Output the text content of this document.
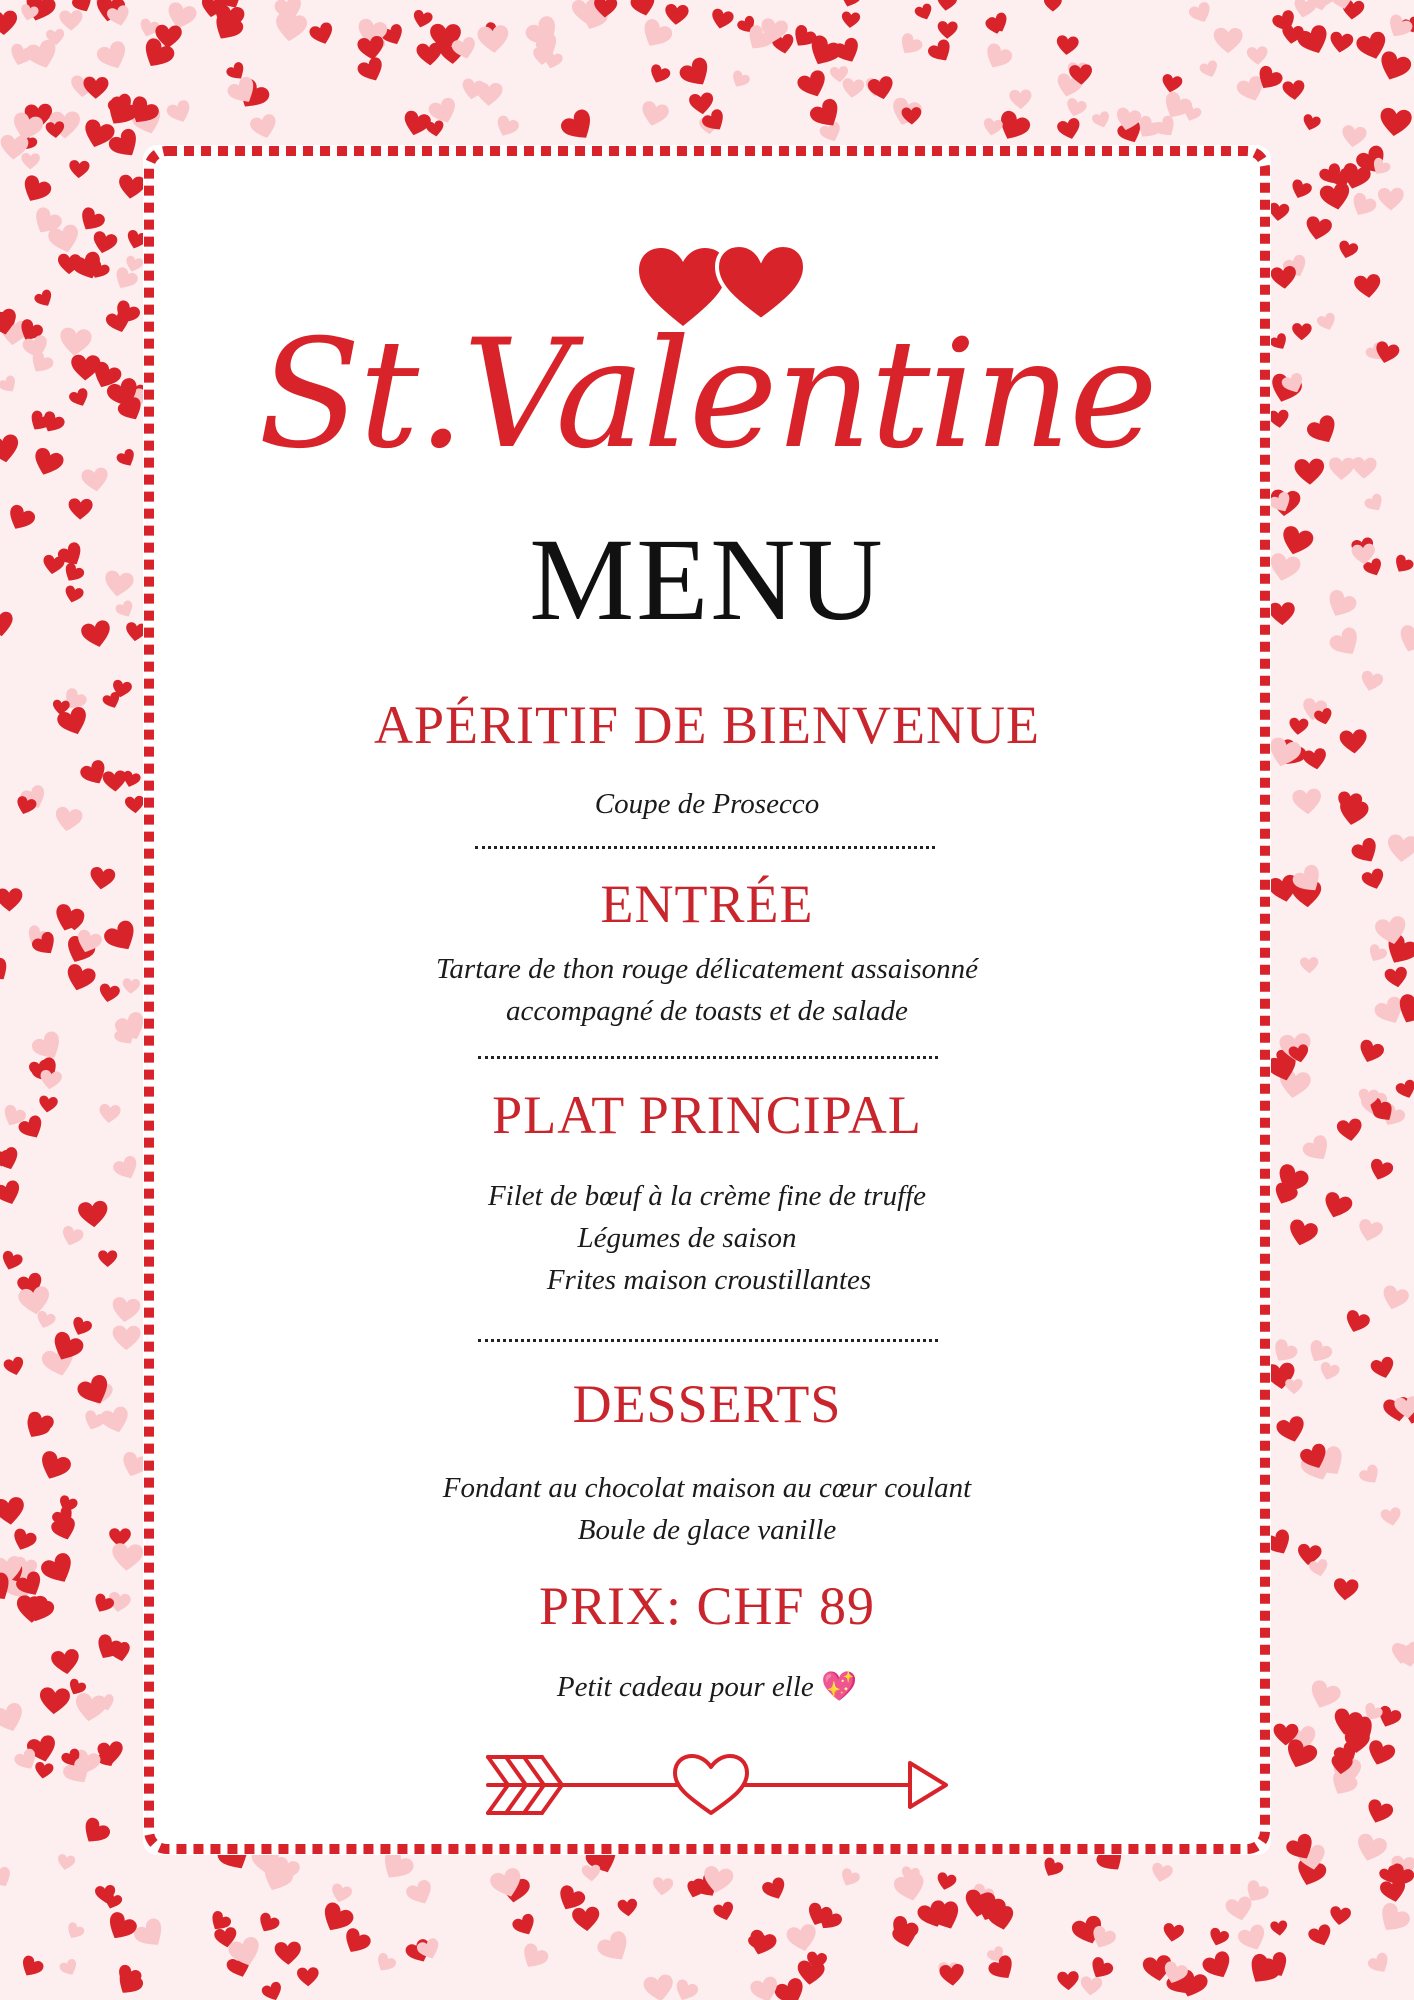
St.Valentine
MENU
APÉRITIF DE BIENVENUE
Coupe de Prosecco
ENTRÉE
Tartare de thon rouge délicatement assaisonné
accompagné de toasts et de salade
PLAT PRINCIPAL
Filet de bœuf à la crème fine de truffe
Légumes de saison
Frites maison croustillantes
DESSERTS
Fondant au chocolat maison au cœur coulant
Boule de glace vanille
PRIX: CHF 89
Petit cadeau pour elle 💖
